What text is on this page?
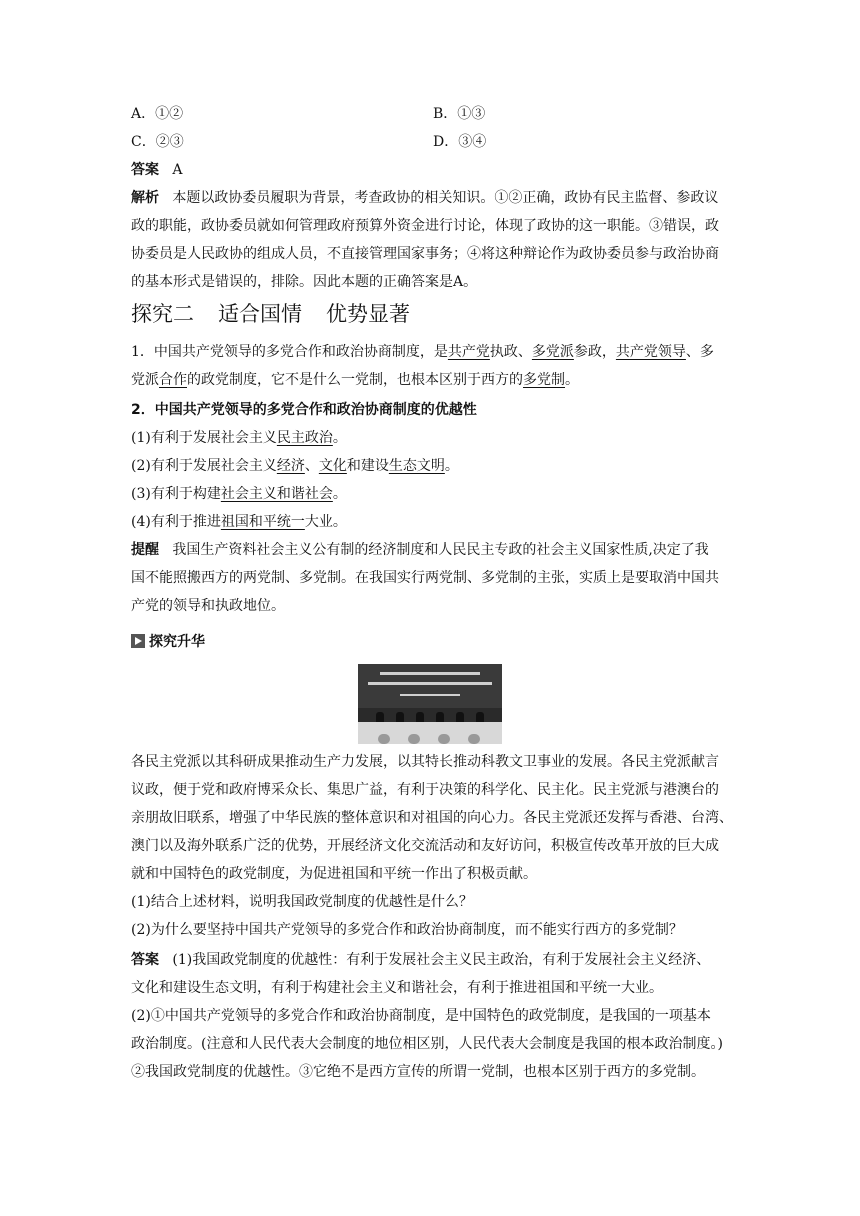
A．①②	B．①③
C．②③	D．③④
答案 A
解析 本题以政协委员履职为背景，考查政协的相关知识。①②正确，政协有民主监督、参政议
政的职能，政协委员就如何管理政府预算外资金进行讨论，体现了政协的这一职能。③错误，政
协委员是人民政协的组成人员，不直接管理国家事务；④将这种辩论作为政协委员参与政治协商
的基本形式是错误的，排除。因此本题的正确答案是A。
探究二 适合国情 优势显著
1．中国共产党领导的多党合作和政治协商制度，是共产党执政、多党派参政，共产党领导、多
党派合作的政党制度，它不是什么一党制，也根本区别于西方的多党制。
2．中国共产党领导的多党合作和政治协商制度的优越性
(1)有利于发展社会主义民主政治。
(2)有利于发展社会主义经济、文化和建设生态文明。
(3)有利于构建社会主义和谐社会。
(4)有利于推进祖国和平统一大业。
提醒 我国生产资料社会主义公有制的经济制度和人民民主专政的社会主义国家性质,决定了我
国不能照搬西方的两党制、多党制。在我国实行两党制、多党制的主张，实质上是要取消中国共
产党的领导和执政地位。
探究升华
各民主党派以其科研成果推动生产力发展，以其特长推动科教文卫事业的发展。各民主党派献言
议政，便于党和政府博采众长、集思广益，有利于决策的科学化、民主化。民主党派与港澳台的
亲朋故旧联系，增强了中华民族的整体意识和对祖国的向心力。各民主党派还发挥与香港、台湾、
澳门以及海外联系广泛的优势，开展经济文化交流活动和友好访问，积极宣传改革开放的巨大成
就和中国特色的政党制度，为促进祖国和平统一作出了积极贡献。
(1)结合上述材料，说明我国政党制度的优越性是什么？
(2)为什么要坚持中国共产党领导的多党合作和政治协商制度，而不能实行西方的多党制？
答案 (1)我国政党制度的优越性：有利于发展社会主义民主政治，有利于发展社会主义经济、
文化和建设生态文明，有利于构建社会主义和谐社会，有利于推进祖国和平统一大业。
(2)①中国共产党领导的多党合作和政治协商制度，是中国特色的政党制度，是我国的一项基本
政治制度。(注意和人民代表大会制度的地位相区别，人民代表大会制度是我国的根本政治制度。)
②我国政党制度的优越性。③它绝不是西方宣传的所谓一党制，也根本区别于西方的多党制。
